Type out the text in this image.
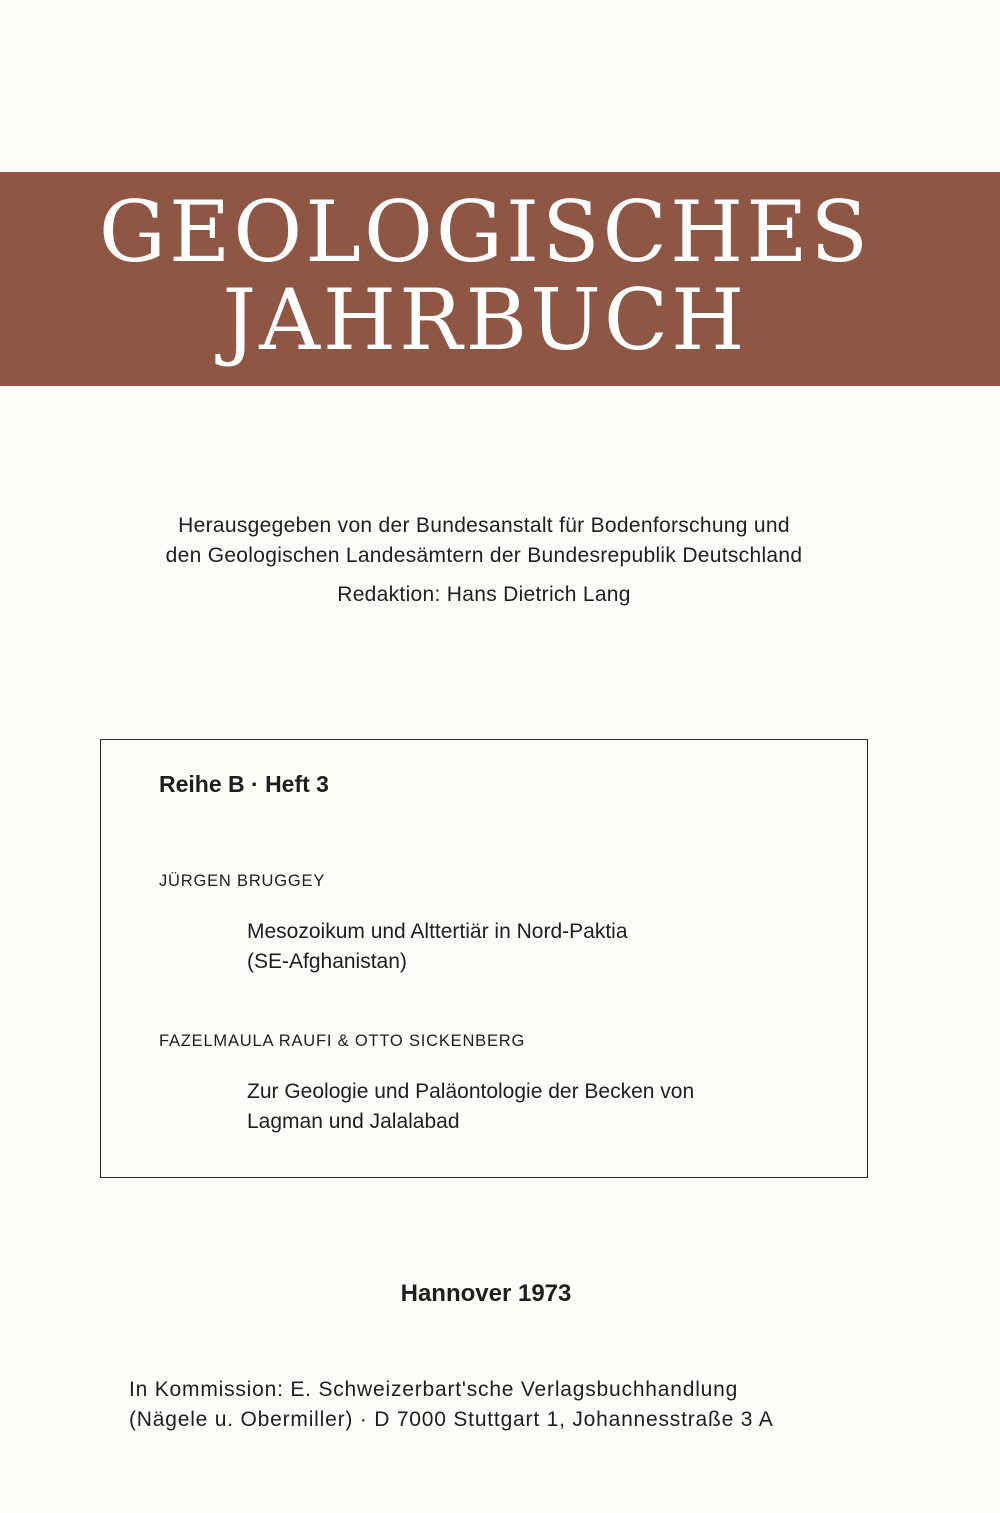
GEOLOGISCHES
JAHRBUCH
Herausgegeben von der Bundesanstalt für Bodenforschung und
den Geologischen Landesämtern der Bundesrepublik Deutschland
Redaktion: Hans Dietrich Lang
Reihe B · Heft 3
JÜRGEN BRUGGEY
Mesozoikum und Alttertiär in Nord-Paktia
(SE-Afghanistan)
FAZELMAULA RAUFI & OTTO SICKENBERG
Zur Geologie und Paläontologie der Becken von
Lagman und Jalalabad
Hannover 1973
In Kommission: E. Schweizerbart'sche Verlagsbuchhandlung
(Nägele u. Obermiller) · D 7000 Stuttgart 1, Johannesstraße 3 A
